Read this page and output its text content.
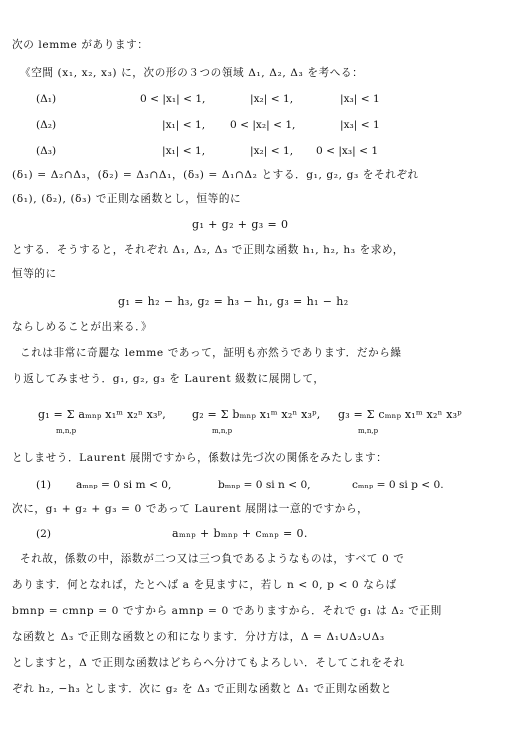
次の lemme があります：
《空間 (x₁, x₂, x₃) に，次の形の３つの領域 Δ₁, Δ₂, Δ₃ を考へる：
(Δ₁)	0 < |x₁| < 1,	|x₂| < 1,	|x₃| < 1
(Δ₂)	|x₁| < 1, 0 < |x₂| < 1,	|x₃| < 1
(Δ₃)	|x₁| < 1,	|x₂| < 1, 0 < |x₃| < 1
(δ₁) = Δ₂∩Δ₃，(δ₂) = Δ₃∩Δ₁，(δ₃) = Δ₁∩Δ₂ とする．g₁, g₂, g₃ をそれぞれ
(δ₁), (δ₂), (δ₃) で正則な函数とし，恒等的に
g₁ + g₂ + g₃ = 0
とする．そうすると，それぞれ Δ₁, Δ₂, Δ₃ で正則な函数 h₁, h₂, h₃ を求め，
恒等的に
g₁ = h₂ − h₃, g₂ = h₃ − h₁, g₃ = h₁ − h₂
ならしめることが出来る．》
これは非常に奇麗な lemme であって，証明も亦然うであります．だから繰
り返してみませう．g₁, g₂, g₃ を Laurent 級数に展開して，
g₁ = Σ aₘₙₚ x₁ᵐ x₂ⁿ x₃ᵖ,
m,n,p
g₂ = Σ bₘₙₚ x₁ᵐ x₂ⁿ x₃ᵖ,
m,n,p
g₃ = Σ cₘₙₚ x₁ᵐ x₂ⁿ x₃ᵖ
m,n,p
としませう．Laurent 展開ですから，係数は先づ次の関係をみたします：
(1) aₘₙₚ = 0 si m < 0,	bₘₙₚ = 0 si n < 0,	cₘₙₚ = 0 si p < 0.
次に，g₁ + g₂ + g₃ = 0 であって Laurent 展開は一意的ですから，
(2)	aₘₙₚ + bₘₙₚ + cₘₙₚ = 0.
それ故，係数の中，添数が二つ又は三つ負であるようなものは，すべて 0 で
あります．何となれば，たとへば a を見ますに，若し n < 0, p < 0 ならば
bmnp = cmnp = 0 ですから amnp = 0 でありますから．それで g₁ は Δ₂ で正則
な函数と Δ₃ で正則な函数との和になります．分け方は，Δ = Δ₁∪Δ₂∪Δ₃
としますと，Δ で正則な函数はどちらへ分けてもよろしい．そしてこれをそれ
ぞれ h₂, −h₃ とします．次に g₂ を Δ₃ で正則な函数と Δ₁ で正則な函数と
